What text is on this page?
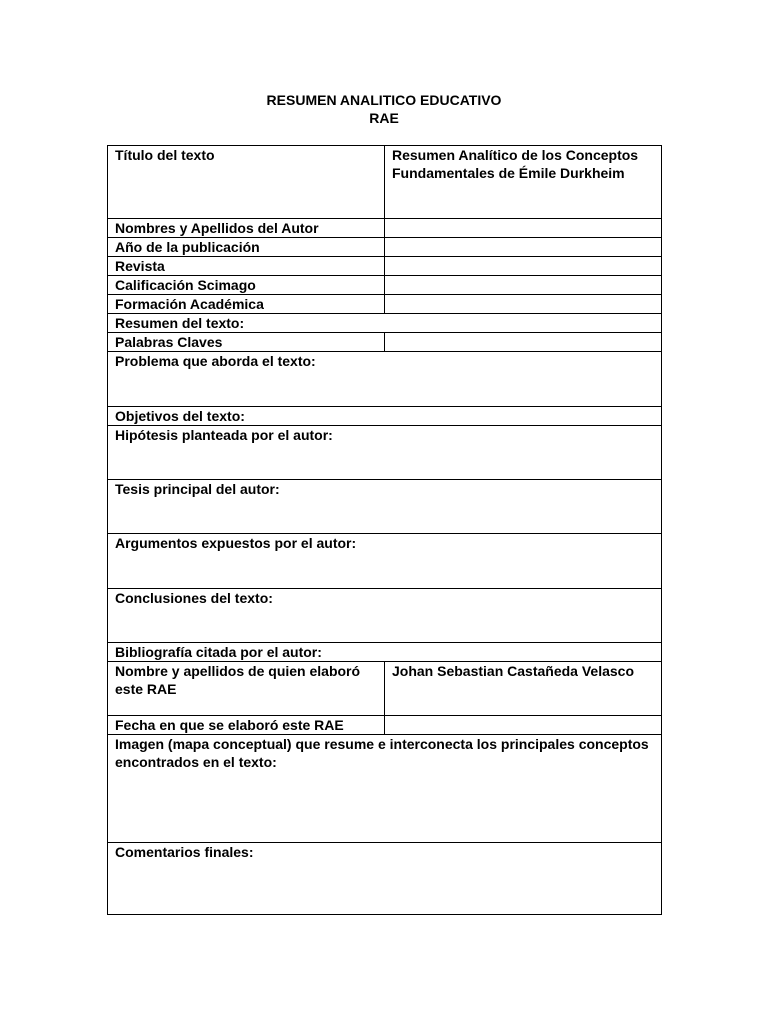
RESUMEN ANALITICO EDUCATIVO
RAE
Título del texto	Resumen Analítico de los Conceptos Fundamentales de Émile Durkheim
Nombres y Apellidos del Autor	
Año de la publicación	
Revista	
Calificación Scimago	
Formación Académica	
Resumen del texto:	
Palabras Claves	
Problema que aborda el texto:	
Objetivos del texto:	
Hipótesis planteada por el autor:	
Tesis principal del autor:	
Argumentos expuestos por el autor:	
Conclusiones del texto:	
Bibliografía citada por el autor:	
Nombre y apellidos de quien elaboró este RAE	Johan Sebastian Castañeda Velasco
Fecha en que se elaboró este RAE	
Imagen (mapa conceptual) que resume e interconecta los principales conceptos encontrados en el texto:	
Comentarios finales:	
